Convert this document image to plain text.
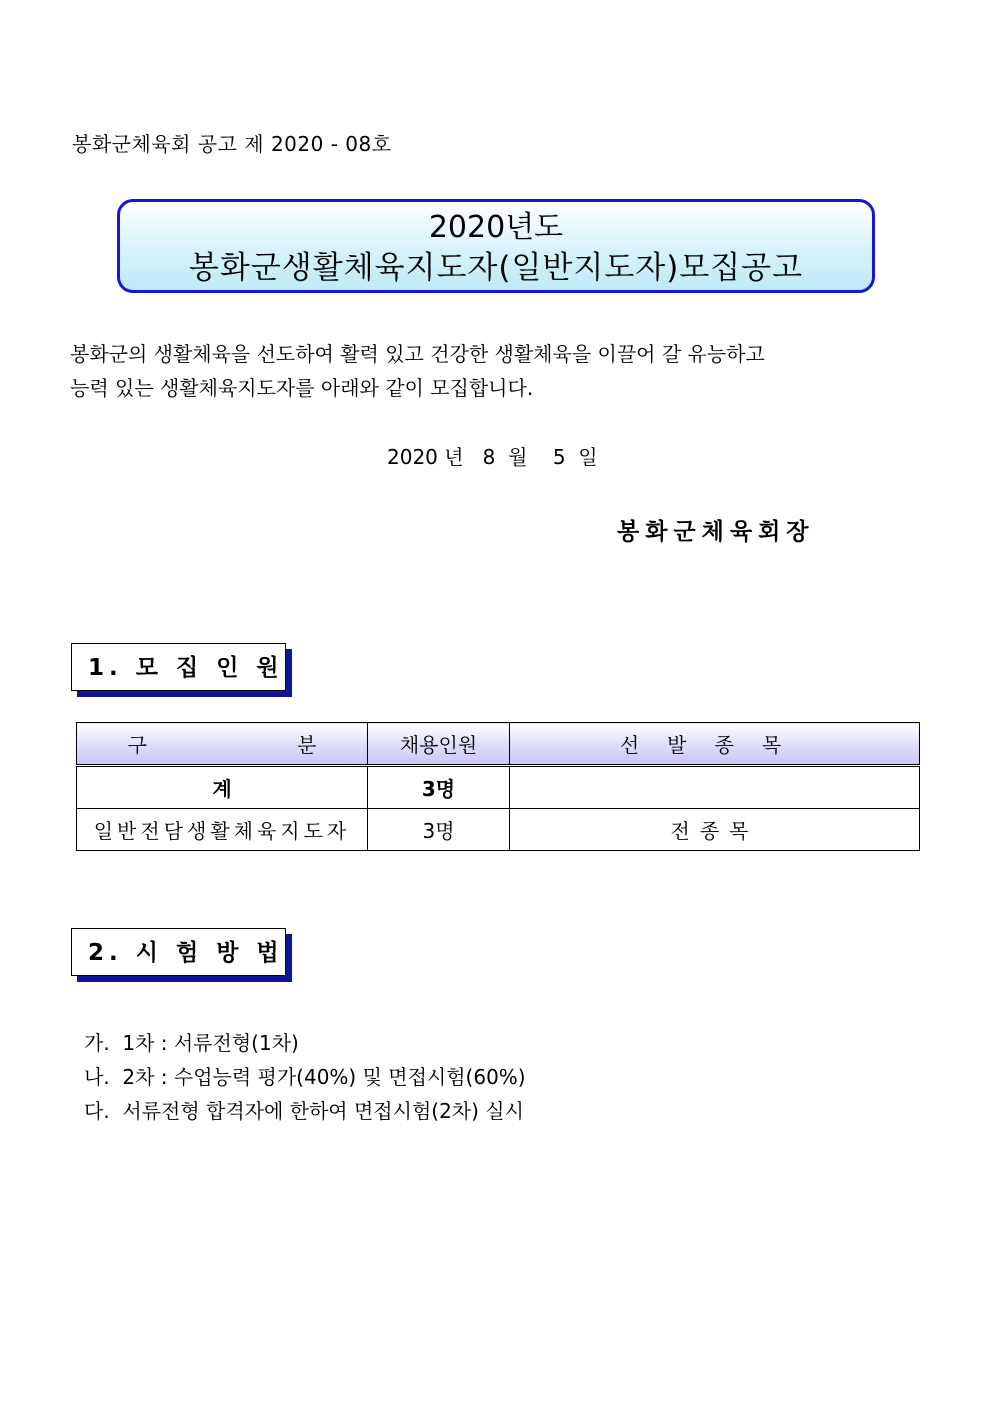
봉화군체육회 공고 제 2020 - 08호
2020년도
봉화군생활체육지도자(일반지도자)모집공고
봉화군의 생활체육을 선도하여 활력 있고 건강한 생활체육을 이끌어 갈 유능하고
능력 있는 생활체육지도자를 아래와 같이 모집합니다.
2020 년   8  월    5  일
봉화군체육회장
1. 모 집 인 원
구 분	채용인원	선발종목
계	3명	
일반전담생활체육지도자	3명	전종목
2. 시 험 방 법
가.  1차 : 서류전형(1차)
나.  2차 : 수업능력 평가(40%) 및 면접시험(60%)
다.  서류전형 합격자에 한하여 면접시험(2차) 실시
